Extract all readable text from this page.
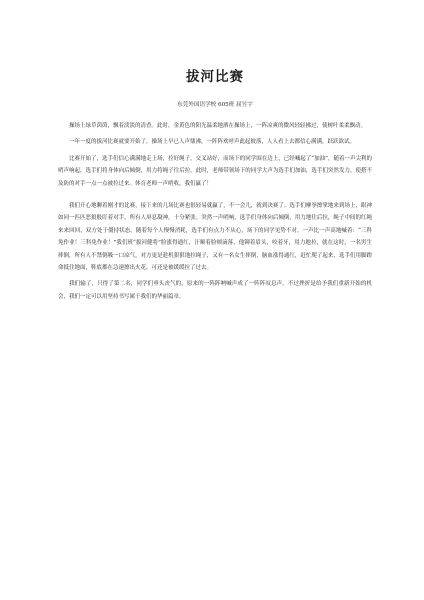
拔河比赛
东莞外国语学校 605班 屈昱宇

操场上绿草茵茵，飘着淡淡的清香。此时，金黄色的阳光温柔地洒在操场上，一阵凉爽的微风轻轻拂过，使树叶柔柔飘动。

一年一度的拔河比赛就要开始了，操场上早已人声鼎沸，一阵阵欢呼声此起彼落，人人看上去都信心满满，跃跃欲试。

比赛开始了，选手们信心满满地走上场，拉好绳子，交叉站好，而场下的同学围在边上，已经喊起了“加油”，随着一声尖利的哨声响起，选手们将身体向后倾倒，用力将绳子往后拉。此时，老师带领场下的同学大声为选手们加油，选手们突然发力，使搭不及防的对手一点一点被拉过来。体育老师一声哨收，我们赢了！

我们开心地聊着刚才的比赛，接下来的几场比赛也很轻易就赢了，不一会儿，就到决赛了。选手们摩拳擦掌地来到场上，眼神如同一匹匹恶狼般盯着对手，所有人屏息凝神，十分紧张。突然一声哨响，选手们身体向后倾倒，用力地往后拉，绳子中间的红绳来来回回，双方处于僵持状态。随着每个人慢慢消耗，选手们有点力不从心，场下的同学见势不对，一声比一声高地喊着：“三科免作业！三科免作业！”我们班“拔河健将”脸涨得通红，汗顺着脸颊滴落，他铆着眉头，咬着牙，用力地拉，就在这时，一名男生摔倒，所有人不禁倒吸一口凉气，对方更是趁机狠狠地拉绳子，又有一名女生摔倒，脑血涨得通红，赶忙爬了起来，选手们用脚蹬命抵住地面，鞋底都在急速擦出火花，可还是被缓缓拉了过去。

我们输了，只得了第二名，同学们垂头丧气的，原来的一阵阵呐喊声成了一阵阵叹息声。不过挫折是给予我们重新开始的机会，我们一定可以用坚持书写属于我们的华丽篇章。
